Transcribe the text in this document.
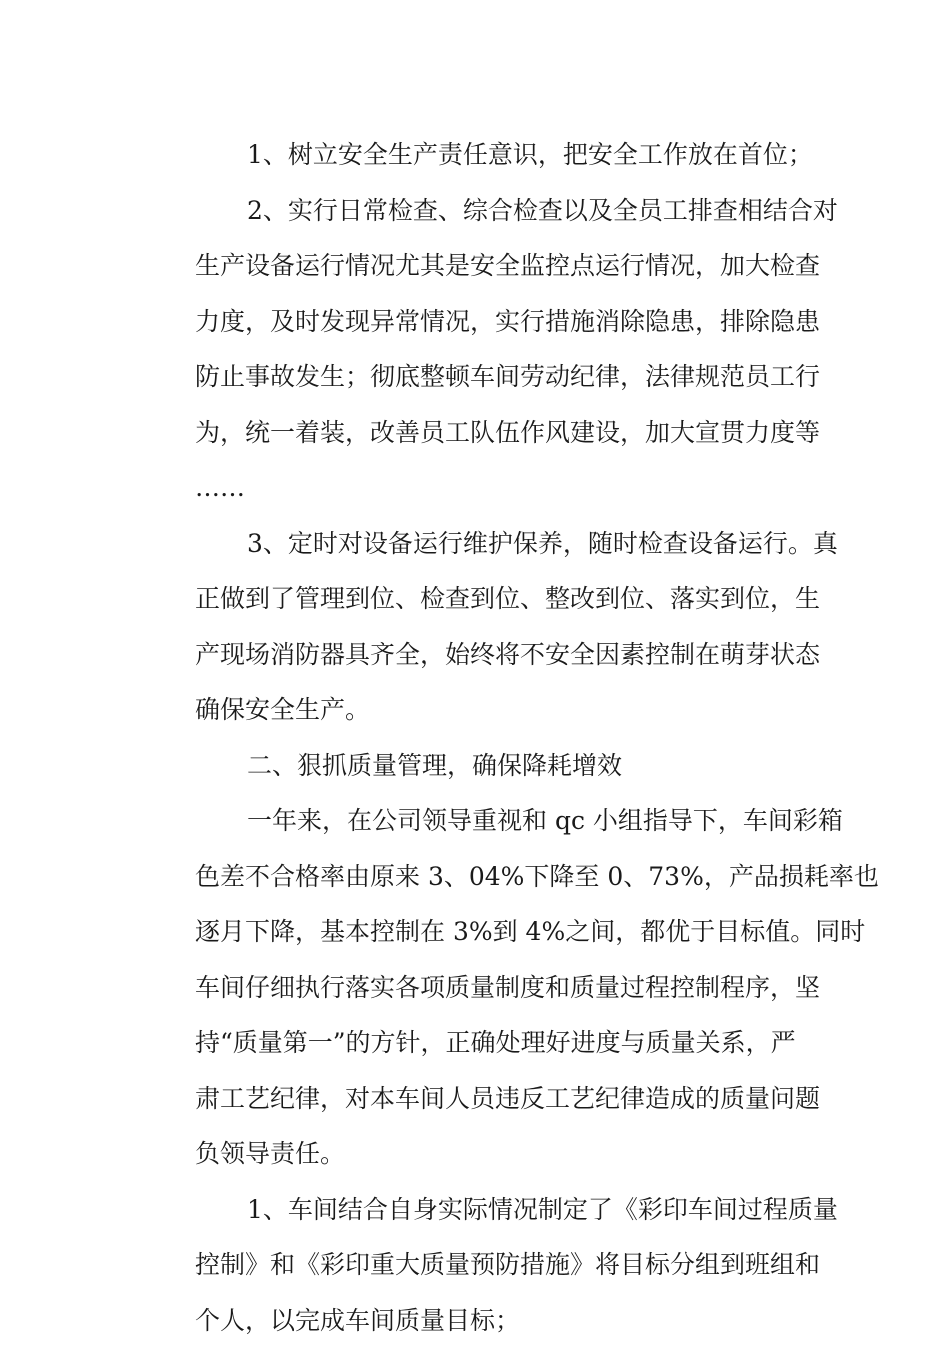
1、树立安全生产责任意识，把安全工作放在首位；
2、实行日常检查、综合检查以及全员工排查相结合对
生产设备运行情况尤其是安全监控点运行情况，加大检查
力度，及时发现异常情况，实行措施消除隐患，排除隐患
防止事故发生；彻底整顿车间劳动纪律，法律规范员工行
为，统一着装，改善员工队伍作风建设，加大宣贯力度等
……
3、定时对设备运行维护保养，随时检查设备运行。真
正做到了管理到位、检查到位、整改到位、落实到位，生
产现场消防器具齐全，始终将不安全因素控制在萌芽状态
确保安全生产。
二、狠抓质量管理，确保降耗增效
一年来，在公司领导重视和 qc 小组指导下，车间彩箱
色差不合格率由原来 3、04%下降至 0、73%，产品损耗率也
逐月下降，基本控制在 3%到 4%之间，都优于目标值。同时
车间仔细执行落实各项质量制度和质量过程控制程序，坚
持“质量第一”的方针，正确处理好进度与质量关系，严
肃工艺纪律，对本车间人员违反工艺纪律造成的质量问题
负领导责任。
1、车间结合自身实际情况制定了《彩印车间过程质量
控制》和《彩印重大质量预防措施》将目标分组到班组和
个人，以完成车间质量目标；
